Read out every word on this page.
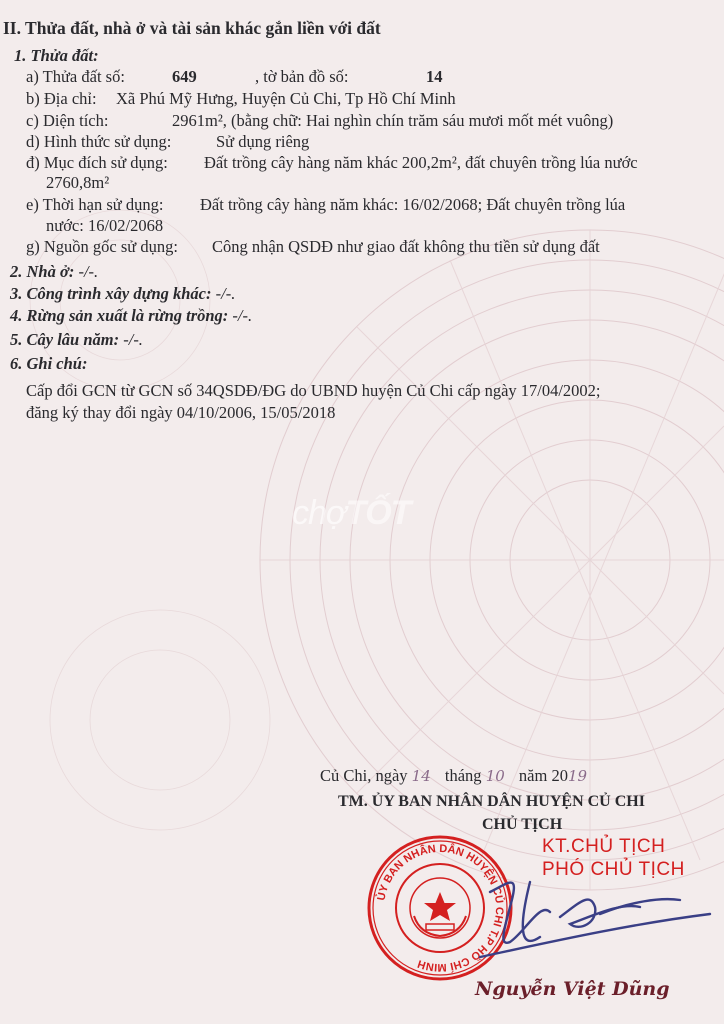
chợTỐT
II. Thửa đất, nhà ở và tài sản khác gắn liền với đất
1. Thửa đất:
a) Thửa đất số:	649	, tờ bản đồ số:	14
b) Địa chỉ: Xã Phú Mỹ Hưng, Huyện Củ Chi, Tp Hồ Chí Minh
c) Diện tích:	2961m², (bằng chữ: Hai nghìn chín trăm sáu mươi mốt mét vuông)
d) Hình thức sử dụng:	Sử dụng riêng
đ) Mục đích sử dụng: Đất trồng cây hàng năm khác 200,2m², đất chuyên trồng lúa nước
2760,8m²
e) Thời hạn sử dụng: Đất trồng cây hàng năm khác: 16/02/2068; Đất chuyên trồng lúa
nước: 16/02/2068
g) Nguồn gốc sử dụng: Công nhận QSDĐ như giao đất không thu tiền sử dụng đất
2. Nhà ở: -/-.
3. Công trình xây dựng khác: -/-.
4. Rừng sản xuất là rừng trồng: -/-.
5. Cây lâu năm: -/-.
6. Ghi chú:
Cấp đổi GCN từ GCN số 34QSDĐ/ĐG do UBND huyện Củ Chi cấp ngày 17/04/2002;
đăng ký thay đổi ngày 04/10/2006, 15/05/2018
Củ Chi, ngày 14 tháng 10 năm 2019
TM. ỦY BAN NHÂN DÂN HUYỆN CỦ CHI
CHỦ TỊCH
KT.CHỦ TỊCH
PHÓ CHỦ TỊCH
ỦY BAN NHÂN DÂN HUYỆN CỦ CHI T.P HỒ CHÍ MINH
Nguyễn Việt Dũng
